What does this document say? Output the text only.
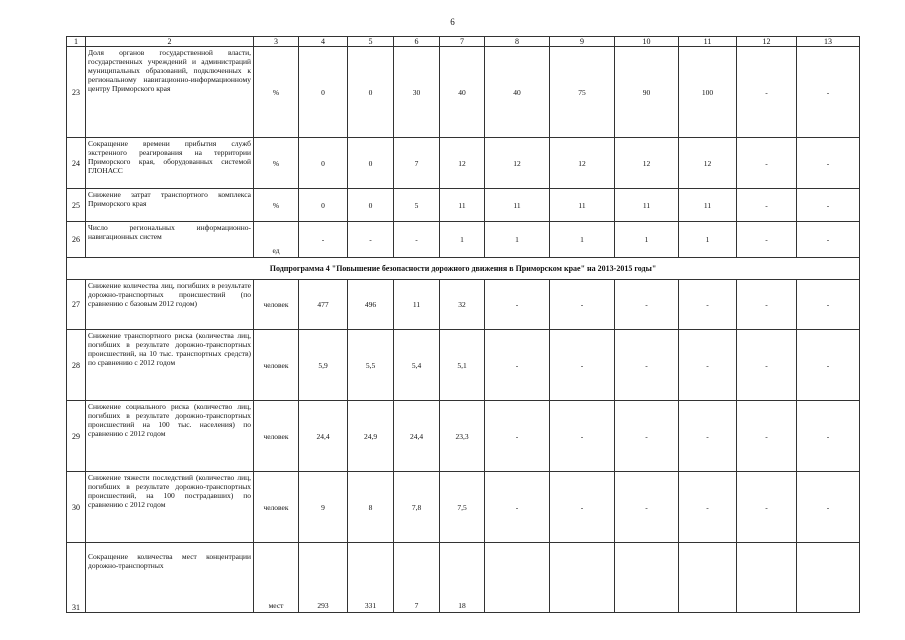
6
1	2	3	4	5	6	7	8	9	10	11	12	13
23	Доля органов государственной власти, государственных учреждений и администраций муниципальных образований, подключенных к региональному навигационно-информационному центру Приморского края	%	0	0	30	40	40	75	90	100	-	-
24	Сокращение времени прибытия служб экстренного реагирования на территории Приморского края, оборудованных системой ГЛОНАСС	%	0	0	7	12	12	12	12	12	-	-
25	Снижение затрат транспортного комплекса Приморского края	%	0	0	5	11	11	11	11	11	-	-
26	Число региональных информационно-навигационных систем	ед	-	-	-	1	1	1	1	1	-	-
Подпрограмма 4 "Повышение безопасности дорожного движения в Приморском крае" на 2013-2015 годы"												
27	Снижение количества лиц, погибших в результате дорожно-транспортных происшествий (по сравнению с базовым 2012 годом)	человек	477	496	11	32	-	-	-	-	-	-
28	Снижение транспортного риска (количества лиц, погибших в результате дорожно-транспортных происшествий, на 10 тыс. транспортных средств) по сравнению с 2012 годом	человек	5,9	5,5	5,4	5,1	-	-	-	-	-	-
29	Снижение социального риска (количество лиц, погибших в результате дорожно-транспортных происшествий на 100 тыс. населения) по сравнению с 2012 годом	человек	24,4	24,9	24,4	23,3	-	-	-	-	-	-
30	Снижение тяжести последствий (количество лиц, погибших в результате дорожно-транспортных происшествий, на 100 пострадавших) по сравнению с 2012 годом	человек	9	8	7,8	7,5	-	-	-	-	-	-
31	Сокращение количества мест концентрации дорожно-транспортных	мест	293	331	7	18						
